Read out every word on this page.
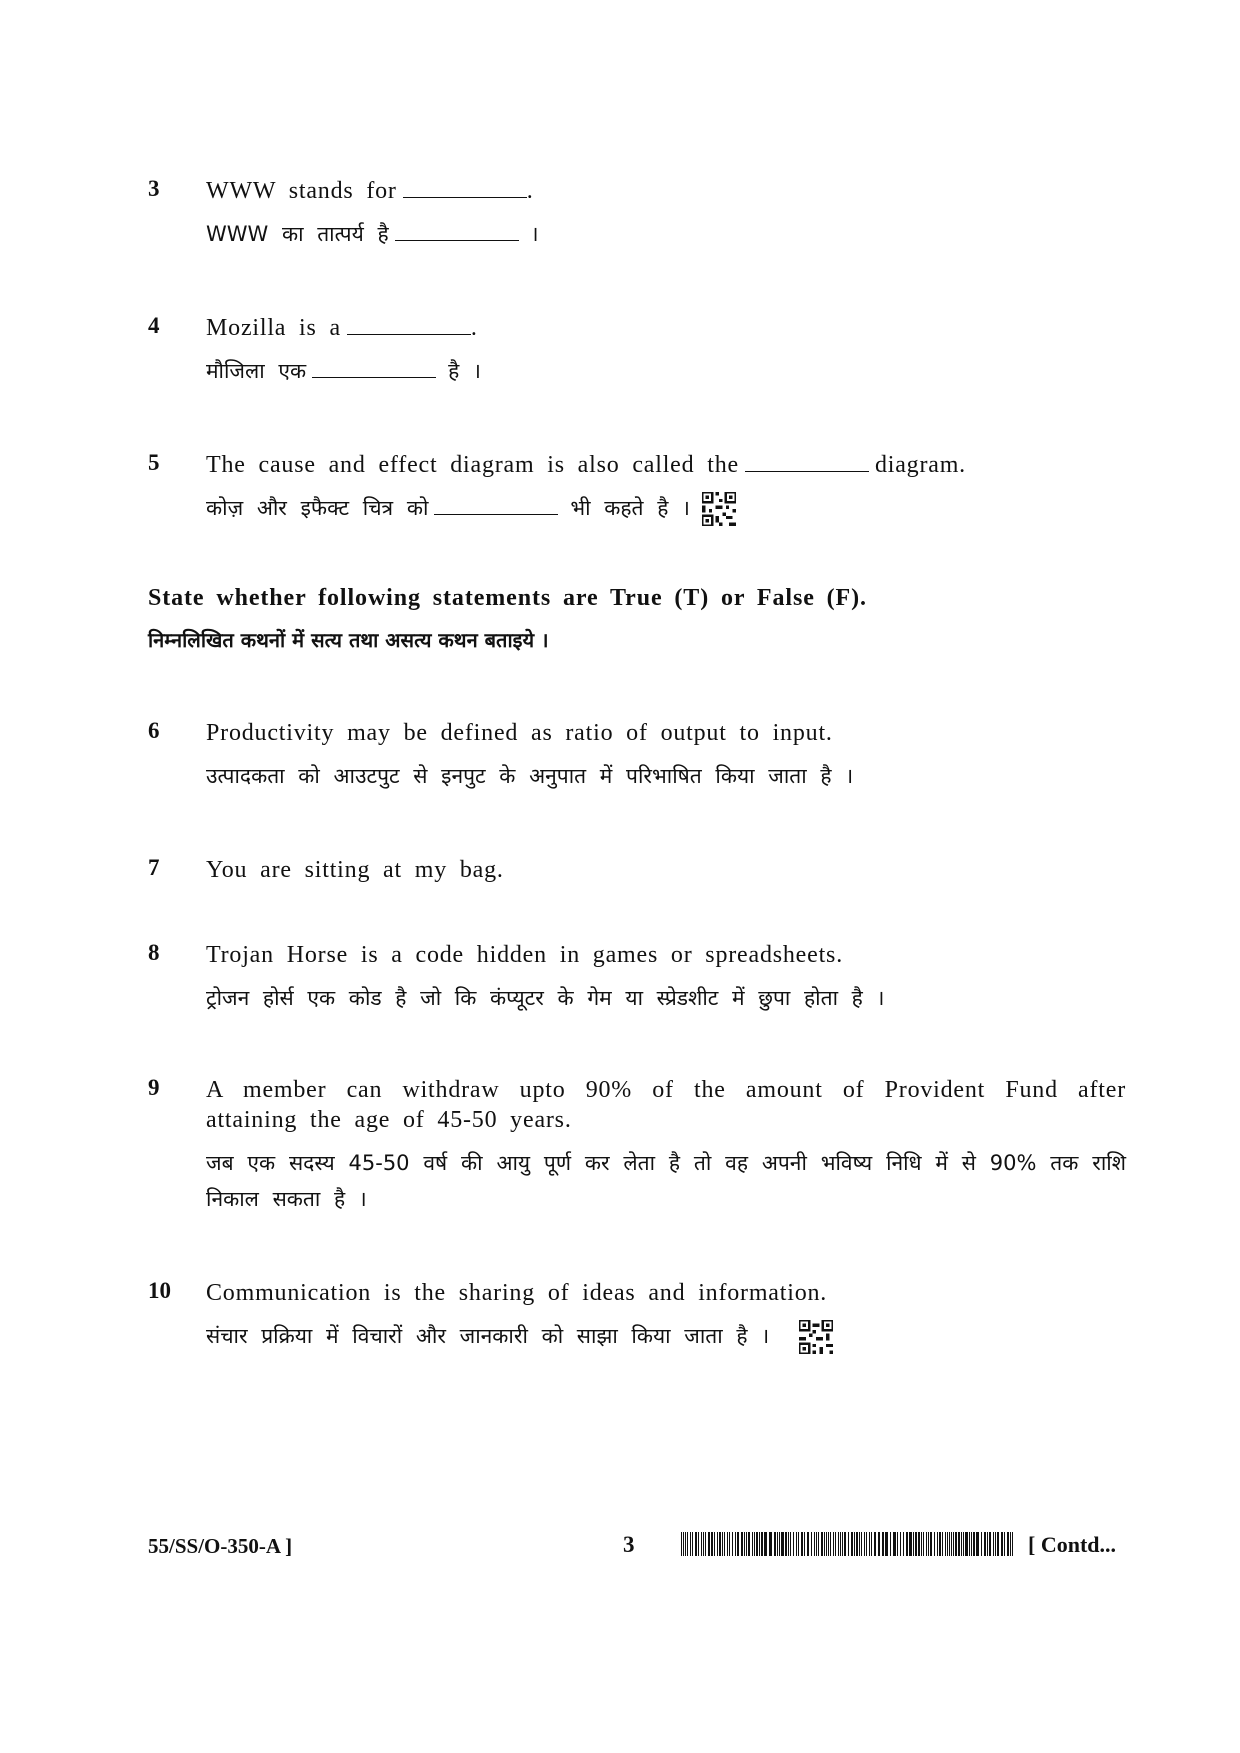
3 WWW stands for	.
WWW का तात्पर्य है	।
4 Mozilla is a	.
मौजिला एक	है ।
5 The cause and effect diagram is also called the	diagram.
कोज़ और इफैक्ट चित्र को	भी कहते है ।
State whether following statements are True (T) or False (F).
निम्नलिखित कथनों में सत्य तथा असत्य कथन बताइये ।
6 Productivity may be defined as ratio of output to input.
उत्पादकता को आउटपुट से इनपुट के अनुपात में परिभाषित किया जाता है ।
7 You are sitting at my bag.
8 Trojan Horse is a code hidden in games or spreadsheets.
ट्रोजन होर्स एक कोड है जो कि कंप्यूटर के गेम या स्प्रेडशीट में छुपा होता है ।
9 A member can withdraw upto 90% of the amount of Provident Fund after attaining the age of 45-50 years.
जब एक सदस्य 45-50 वर्ष की आयु पूर्ण कर लेता है तो वह अपनी भविष्य निधि में से 90% तक राशि निकाल सकता है ।
10 Communication is the sharing of ideas and information.
संचार प्रक्रिया में विचारों और जानकारी को साझा किया जाता है ।
55/SS/O-350-A ]	3	[ Contd...
